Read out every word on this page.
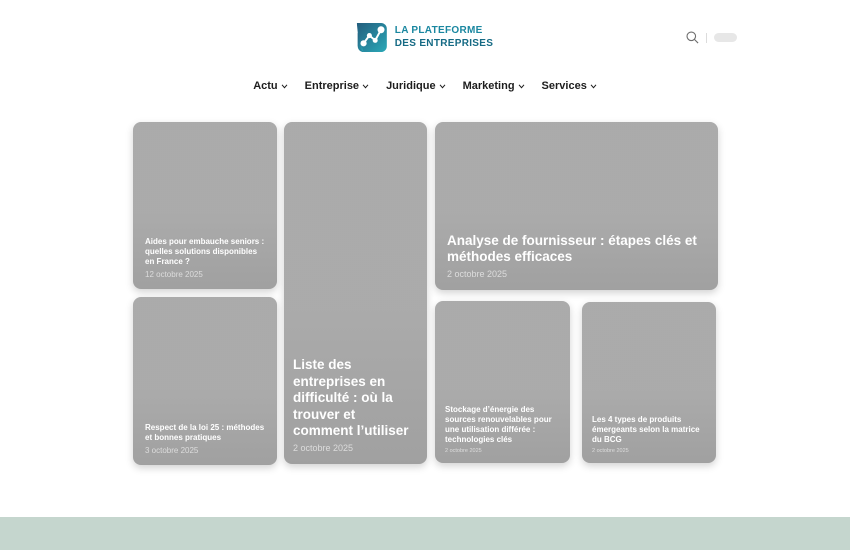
LA PLATEFORME
DES ENTREPRISES
Actu Entreprise Juridique Marketing Services
Aides pour embauche seniors : quelles solutions disponibles en France ?
12 octobre 2025
Respect de la loi 25 : méthodes et bonnes pratiques
3 octobre 2025
Liste des entreprises en difficulté : où la trouver et comment l’utiliser
2 octobre 2025
Analyse de fournisseur : étapes clés et méthodes efficaces
2 octobre 2025
Stockage d’énergie des sources renouvelables pour une utilisation différée : technologies clés
2 octobre 2025
Les 4 types de produits émergeants selon la matrice du BCG
2 octobre 2025
